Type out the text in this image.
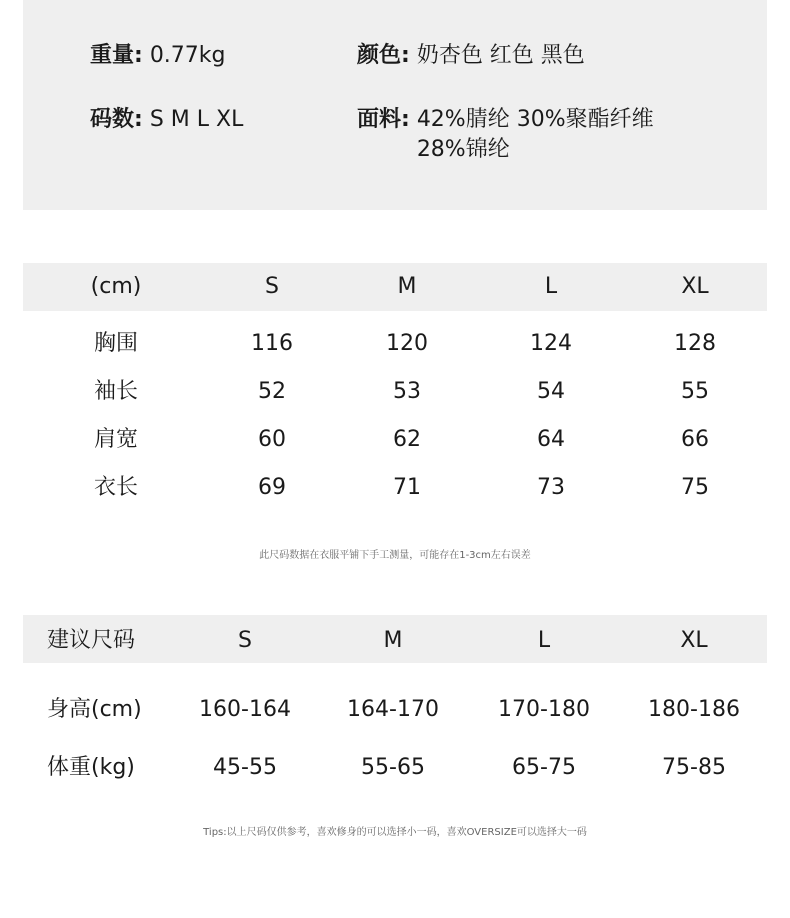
重量: 0.77kg	颜色: 奶杏色 红色 黑色
码数: S M L XL	面料: 42%腈纶 30%聚酯纤维
28%锦纶
(cm)	S	M	L	XL
胸围	116	120	124	128
袖长	52	53	54	55
肩宽	60	62	64	66
衣长	69	71	73	75
此尺码数据在衣服平铺下手工测量，可能存在1-3cm左右误差
建议尺码	S	M	L	XL
身高(cm)	160-164	164-170	170-180	180-186
体重(kg)	45-55	55-65	65-75	75-85
Tips:以上尺码仅供参考，喜欢修身的可以选择小一码，喜欢OVERSIZE可以选择大一码
